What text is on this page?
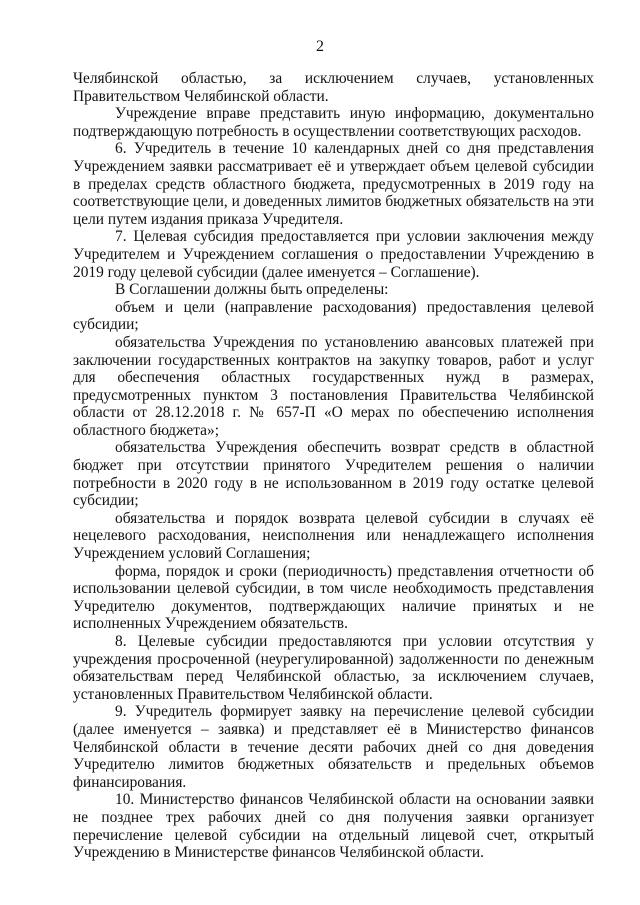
2

Челябинской областью, за исключением случаев, установленных Правительством Челябинской области.

Учреждение вправе представить иную информацию, документально подтверждающую потребность в осуществлении соответствующих расходов.

6. Учредитель в течение 10 календарных дней со дня представления Учреждением заявки рассматривает её и утверждает объем целевой субсидии в пределах средств областного бюджета, предусмотренных в 2019 году на соответствующие цели, и доведенных лимитов бюджетных обязательств на эти цели путем издания приказа Учредителя.

7. Целевая субсидия предоставляется при условии заключения между Учредителем и Учреждением соглашения о предоставлении Учреждению в 2019 году целевой субсидии (далее именуется – Соглашение).

В Соглашении должны быть определены:

объем и цели (направление расходования) предоставления целевой субсидии;

обязательства Учреждения по установлению авансовых платежей при заключении государственных контрактов на закупку товаров, работ и услуг для обеспечения областных государственных нужд в размерах, предусмотренных пунктом 3 постановления Правительства Челябинской области от 28.12.2018 г. № 657-П «О мерах по обеспечению исполнения областного бюджета»;

обязательства Учреждения обеспечить возврат средств в областной бюджет при отсутствии принятого Учредителем решения о наличии потребности в 2020 году в не использованном в 2019 году остатке целевой субсидии;

обязательства и порядок возврата целевой субсидии в случаях её нецелевого расходования, неисполнения или ненадлежащего исполнения Учреждением условий Соглашения;

форма, порядок и сроки (периодичность) представления отчетности об использовании целевой субсидии, в том числе необходимость представления Учредителю документов, подтверждающих наличие принятых и не исполненных Учреждением обязательств.

8. Целевые субсидии предоставляются при условии отсутствия у учреждения просроченной (неурегулированной) задолженности по денежным обязательствам перед Челябинской областью, за исключением случаев, установленных Правительством Челябинской области.

9. Учредитель формирует заявку на перечисление целевой субсидии (далее именуется – заявка) и представляет её в Министерство финансов Челябинской области в течение десяти рабочих дней со дня доведения Учредителю лимитов бюджетных обязательств и предельных объемов финансирования.

10. Министерство финансов Челябинской области на основании заявки не позднее трех рабочих дней со дня получения заявки организует перечисление целевой субсидии на отдельный лицевой счет, открытый Учреждению в Министерстве финансов Челябинской области.
